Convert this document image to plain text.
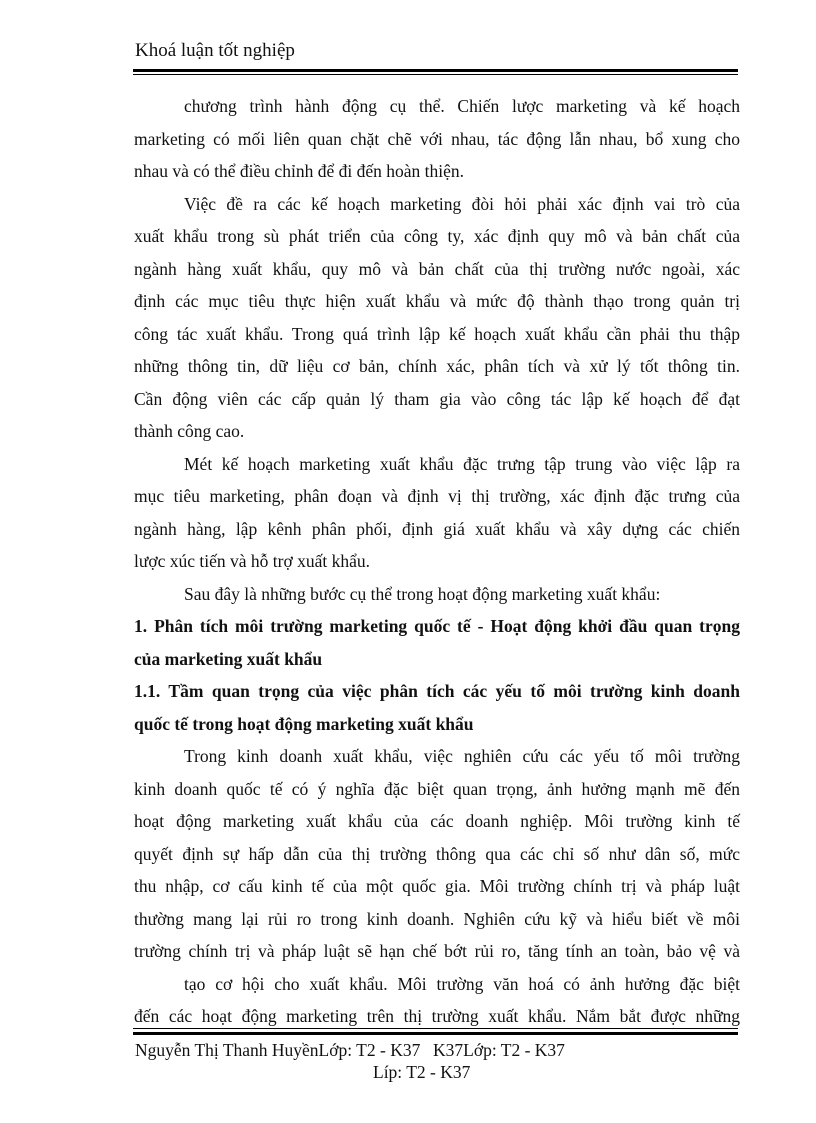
Khoá luận tốt nghiệp
chương trình hành động cụ thể. Chiến lược marketing và kế hoạch
marketing có mối liên quan chặt chẽ với nhau, tác động lẫn nhau, bổ xung cho
nhau và có thể điều chỉnh để đi đến hoàn thiện.
Việc đề ra các kế hoạch marketing đòi hỏi phải xác định vai trò của
xuất khẩu trong sù phát triển của công ty, xác định quy mô và bản chất của
ngành hàng xuất khẩu, quy mô và bản chất của thị trường nước ngoài, xác
định các mục tiêu thực hiện xuất khẩu và mức độ thành thạo trong quản trị
công tác xuất khẩu. Trong quá trình lập kế hoạch xuất khẩu cần phải thu thập
những thông tin, dữ liệu cơ bản, chính xác, phân tích và xử lý tốt thông tin.
Cần động viên các cấp quản lý tham gia vào công tác lập kế hoạch để đạt
thành công cao.
Mét kế hoạch marketing xuất khẩu đặc trưng tập trung vào việc lập ra
mục tiêu marketing, phân đoạn và định vị thị trường, xác định đặc trưng của
ngành hàng, lập kênh phân phối, định giá xuất khẩu và xây dựng các chiến
lược xúc tiến và hỗ trợ xuất khẩu.
Sau đây là những bước cụ thể trong hoạt động marketing xuất khẩu:
1. Phân tích môi trường marketing quốc tế - Hoạt động khởi đầu quan trọng
của marketing xuất khẩu
1.1. Tầm quan trọng của việc phân tích các yếu tố môi trường kinh doanh
quốc tế trong hoạt động marketing xuất khẩu
Trong kinh doanh xuất khẩu, việc nghiên cứu các yếu tố môi trường
kinh doanh quốc tế có ý nghĩa đặc biệt quan trọng, ảnh hưởng mạnh mẽ đến
hoạt động marketing xuất khẩu của các doanh nghiệp. Môi trường kinh tế
quyết định sự hấp dẫn của thị trường thông qua các chỉ số như dân số, mức
thu nhập, cơ cấu kinh tế của một quốc gia. Môi trường chính trị và pháp luật
thường mang lại rủi ro trong kinh doanh. Nghiên cứu kỹ và hiểu biết về môi
trường chính trị và pháp luật sẽ hạn chế bớt rủi ro, tăng tính an toàn, bảo vệ và
tạo cơ hội cho xuất khẩu. Môi trường văn hoá có ảnh hưởng đặc biệt
đến các hoạt động marketing trên thị trường xuất khẩu. Nắm bắt được những
Nguyễn Thị Thanh HuyềnLớp: T2 - K37 K37Lớp: T2 - K37
Líp: T2 - K37
